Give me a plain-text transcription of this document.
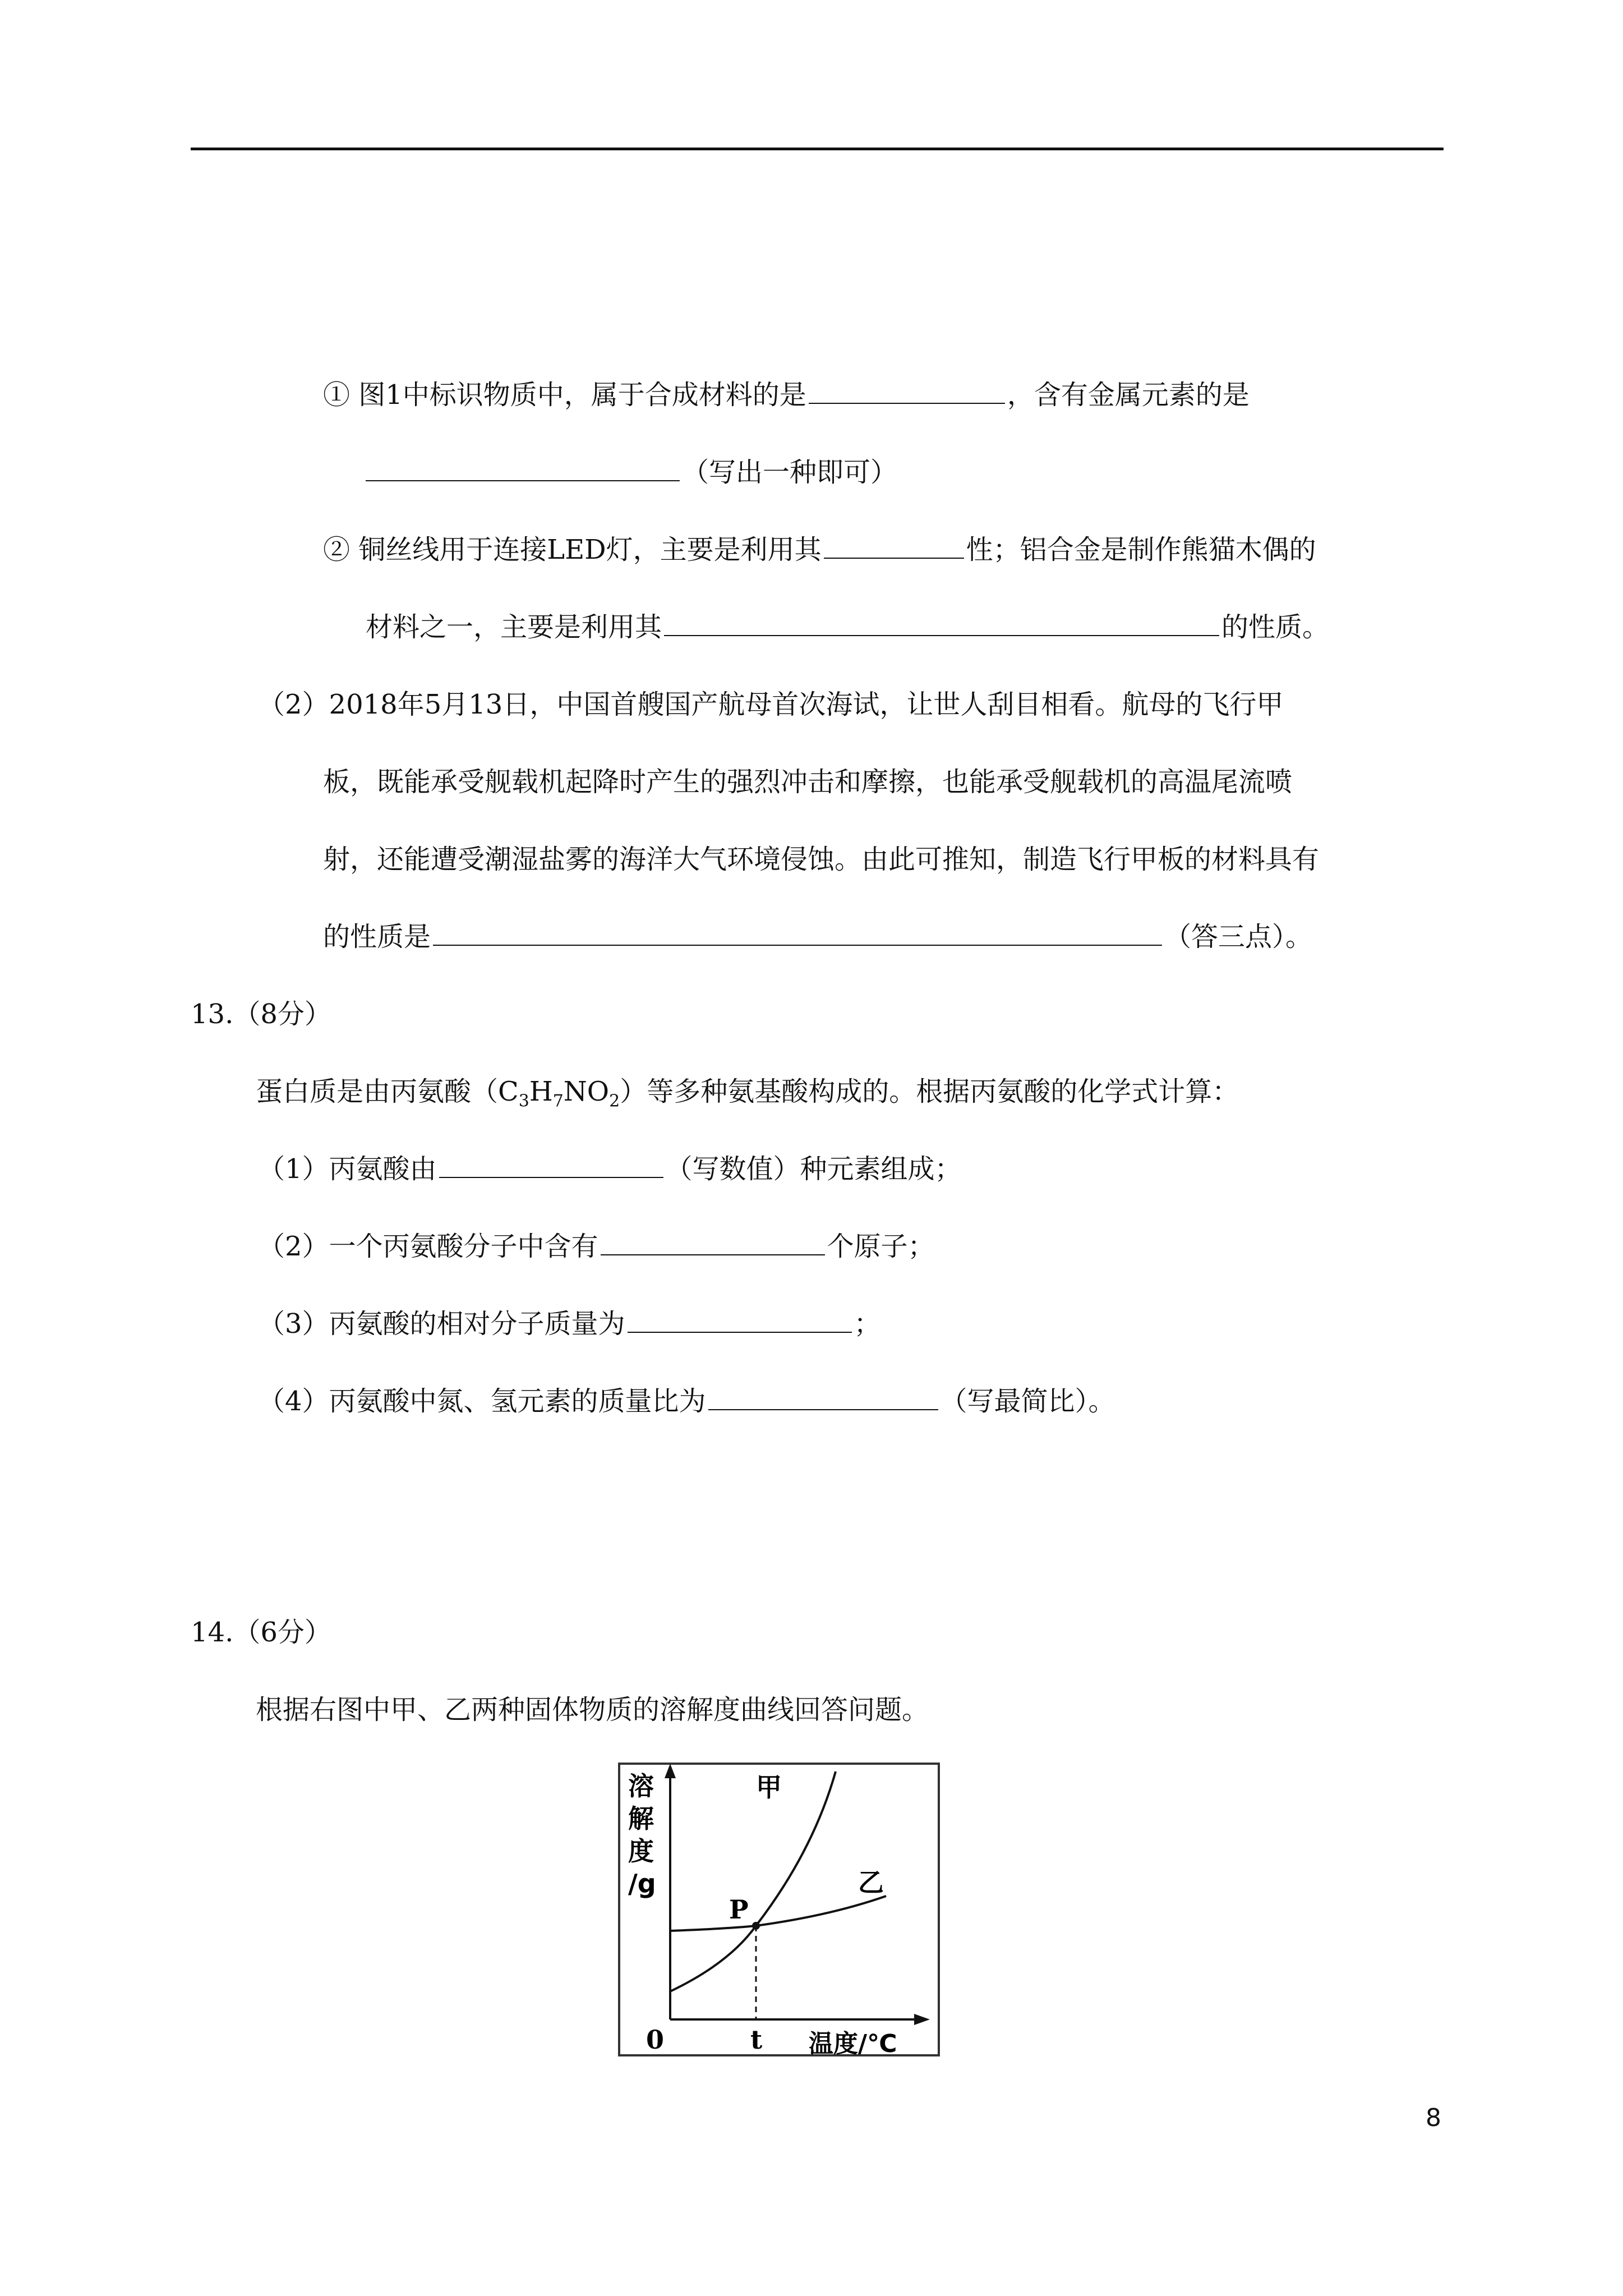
① 图1中标识物质中，属于合成材料的是	，含有金属元素的是
（写出一种即可）
② 铜丝线用于连接LED灯，主要是利用其	性；铝合金是制作熊猫木偶的
材料之一，主要是利用其	的性质。
（2）2018年5月13日，中国首艘国产航母首次海试，让世人刮目相看。航母的飞行甲
板，既能承受舰载机起降时产生的强烈冲击和摩擦，也能承受舰载机的高温尾流喷
射，还能遭受潮湿盐雾的海洋大气环境侵蚀。由此可推知，制造飞行甲板的材料具有
的性质是	（答三点）。
13.（8分）
蛋白质是由丙氨酸$(C_3H_7NO_2)$等多种氨基酸构成的。根据丙氨酸的化学式计算：
（1）丙氨酸由	（写数值）种元素组成；
（2）一个丙氨酸分子中含有	个原子；
（3）丙氨酸的相对分子质量为	；
（4）丙氨酸中氮、氢元素的质量比为	（写最简比）。
14.（6分）
根据右图中甲、乙两种固体物质的溶解度曲线回答问题。
溶
解
度
/g
甲
乙
P
0	t 温度/℃
8
